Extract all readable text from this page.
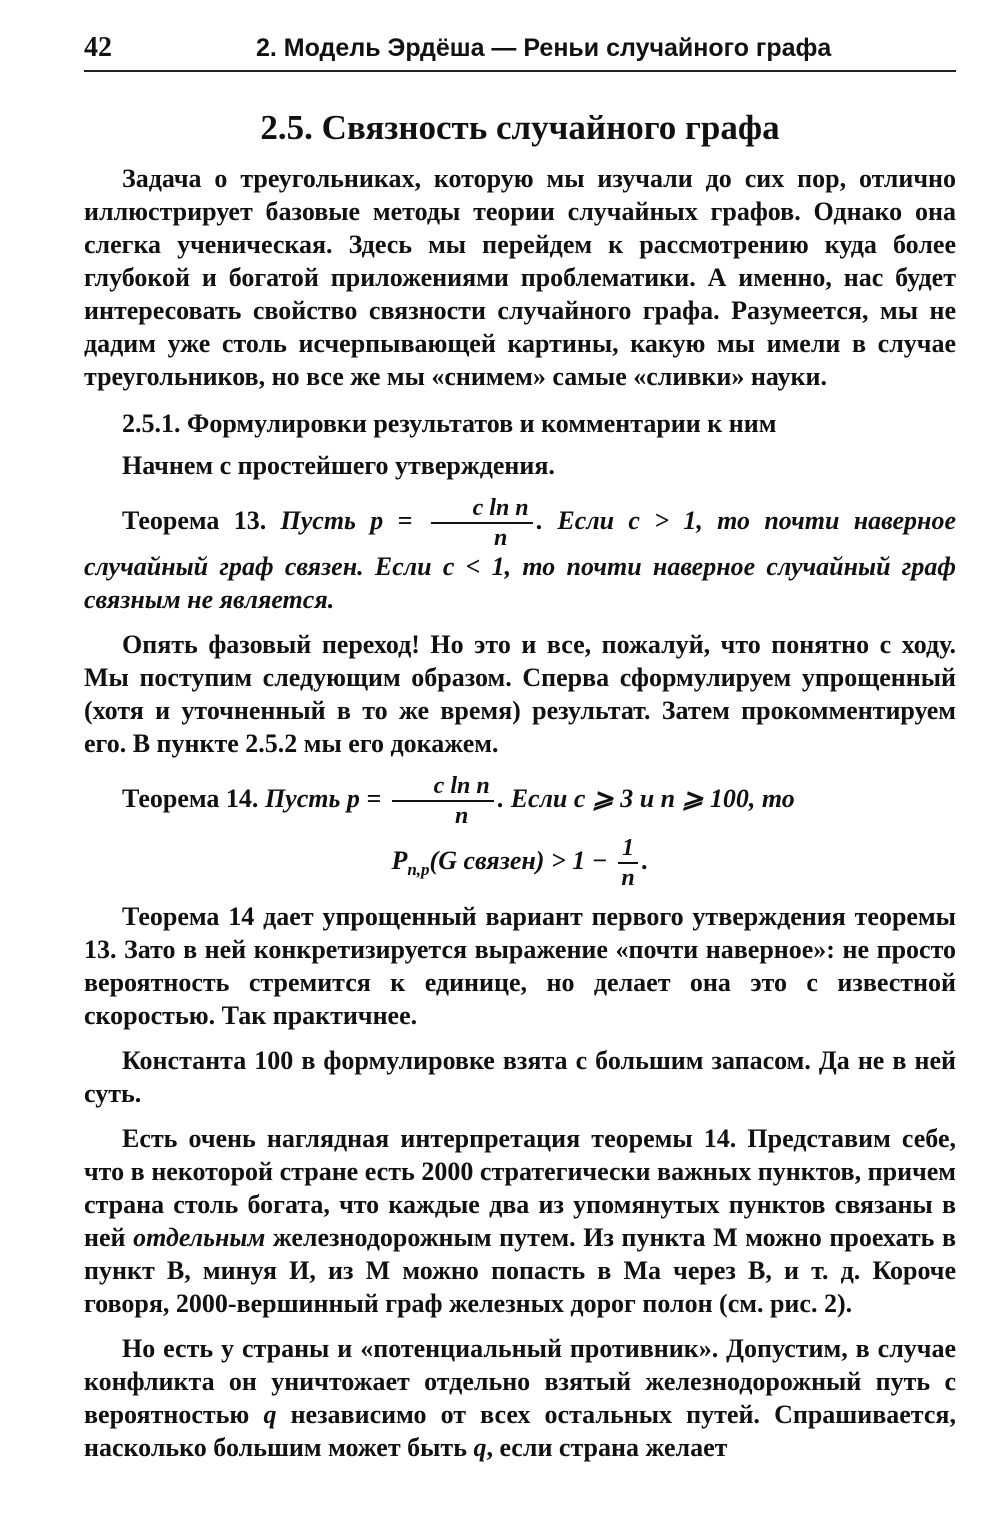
42	2. Модель Эрдёша — Реньи случайного графа
2.5. Связность случайного графа

Задача о треугольниках, которую мы изучали до сих пор, отлично иллюстрирует базовые методы теории случайных графов. Однако она слегка ученическая. Здесь мы перейдем к рассмотрению куда более глубокой и богатой приложениями проблематики. А именно, нас будет интересовать свойство связности случайного графа. Разумеется, мы не дадим уже столь исчерпывающей картины, какую мы имели в случае треугольников, но все же мы «снимем» самые «сливки» науки.

2.5.1. Формулировки результатов и комментарии к ним

Начнем с простейшего утверждения.

Теорема 13. Пусть $p = \frac{\text{c ln n}}{n}$ . Если c > 1, то почти наверное случайный граф связен. Если c < 1, то почти наверное случайный граф связным не является.

Опять фазовый переход! Но это и все, пожалуй, что понятно с ходу. Мы поступим следующим образом. Сперва сформулируем упрощенный (хотя и уточненный в то же время) результат. Затем прокомментируем его. В пункте 2.5.2 мы его докажем.

Теорема 14. Пусть $p = \frac{\text{c ln n}}{n}$ . Если c ⩾ 3 и n ⩾ 100, то

$P_{n,p}(G$ связен) > $1 - \frac{1}{n}$ .

Теорема 14 дает упрощенный вариант первого утверждения теоремы 13. Зато в ней конкретизируется выражение «почти наверное»: не просто вероятность стремится к единице, но делает она это с известной скоростью. Так практичнее.

Константа 100 в формулировке взята с большим запасом. Да не в ней суть.

Есть очень наглядная интерпретация теоремы 14. Представим себе, что в некоторой стране есть 2000 стратегически важных пунктов, причем страна столь богата, что каждые два из упомянутых пунктов связаны в ней отдельным железнодорожным путем. Из пункта М можно проехать в пункт В, минуя И, из М можно попасть в Ма через В, и т. д. Короче говоря, 2000-вершинный граф железных дорог полон (см. рис. 2).

Но есть у страны и «потенциальный противник». Допустим, в случае конфликта он уничтожает отдельно взятый железнодорожный путь с вероятностью q независимо от всех остальных путей. Спрашивается, насколько большим может быть q, если страна желает
